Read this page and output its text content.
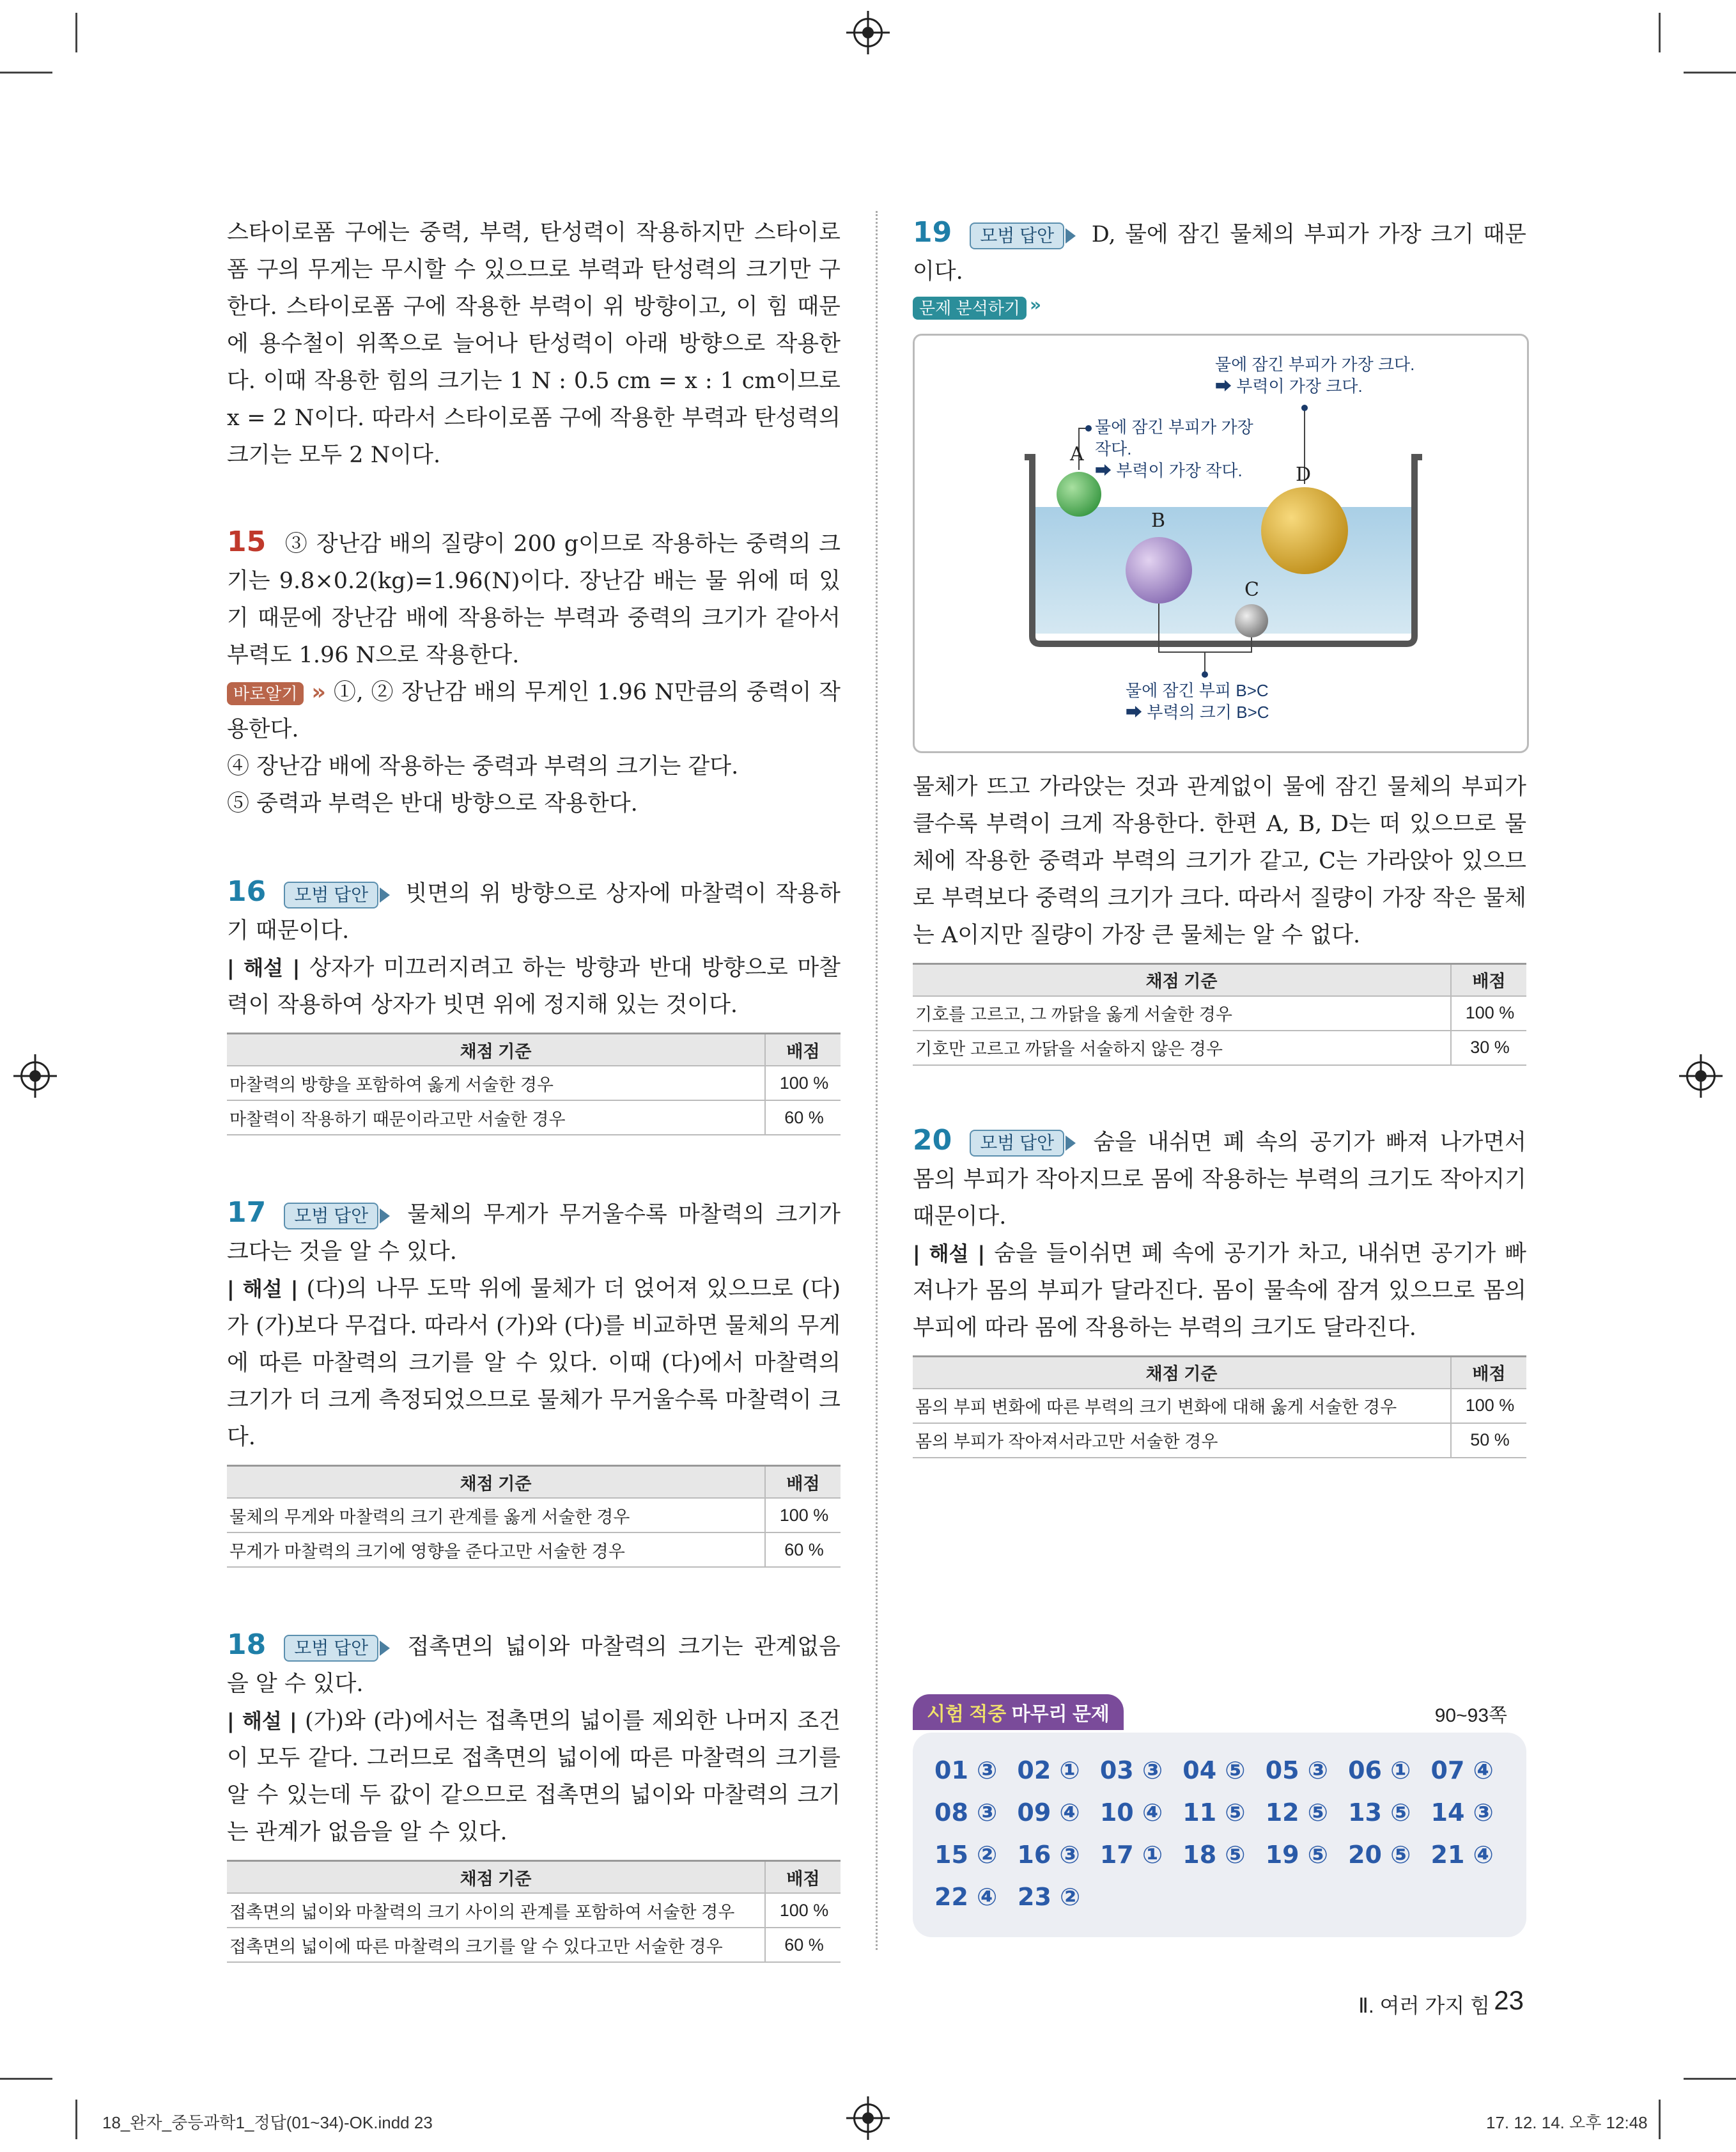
스타이로폼 구에는 중력, 부력, 탄성력이 작용하지만 스타이로폼 구의 무게는 무시할 수 있으므로 부력과 탄성력의 크기만 구한다. 스타이로폼 구에 작용한 부력이 위 방향이고, 이 힘 때문에 용수철이 위쪽으로 늘어나 탄성력이 아래 방향으로 작용한다. 이때 작용한 힘의 크기는 1 N : 0.5 cm = x : 1 cm이므로 x = 2 N이다. 따라서 스타이로폼 구에 작용한 부력과 탄성력의 크기는 모두 2 N이다.

15 ③ 장난감 배의 질량이 200 g이므로 작용하는 중력의 크기는 9.8×0.2(kg)=1.96(N)이다. 장난감 배는 물 위에 떠 있기 때문에 장난감 배에 작용하는 부력과 중력의 크기가 같아서 부력도 1.96 N으로 작용한다.

바로알기 » ①, ② 장난감 배의 무게인 1.96 N만큼의 중력이 작용한다.

④ 장난감 배에 작용하는 중력과 부력의 크기는 같다.

⑤ 중력과 부력은 반대 방향으로 작용한다.

16 모범 답안 빗면의 위 방향으로 상자에 마찰력이 작용하기 때문이다.

| 해설 | 상자가 미끄러지려고 하는 방향과 반대 방향으로 마찰력이 작용하여 상자가 빗면 위에 정지해 있는 것이다.

채점 기준	배점
마찰력의 방향을 포함하여 옳게 서술한 경우	100 %
마찰력이 작용하기 때문이라고만 서술한 경우	60 %

17 모범 답안 물체의 무게가 무거울수록 마찰력의 크기가 크다는 것을 알 수 있다.

| 해설 | (다)의 나무 도막 위에 물체가 더 얹어져 있으므로 (다)가 (가)보다 무겁다. 따라서 (가)와 (다)를 비교하면 물체의 무게에 따른 마찰력의 크기를 알 수 있다. 이때 (다)에서 마찰력의 크기가 더 크게 측정되었으므로 물체가 무거울수록 마찰력이 크다.

채점 기준	배점
물체의 무게와 마찰력의 크기 관계를 옳게 서술한 경우	100 %
무게가 마찰력의 크기에 영향을 준다고만 서술한 경우	60 %

18 모범 답안 접촉면의 넓이와 마찰력의 크기는 관계없음을 알 수 있다.

| 해설 | (가)와 (라)에서는 접촉면의 넓이를 제외한 나머지 조건이 모두 같다. 그러므로 접촉면의 넓이에 따른 마찰력의 크기를 알 수 있는데 두 값이 같으므로 접촉면의 넓이와 마찰력의 크기는 관계가 없음을 알 수 있다.

채점 기준	배점
접촉면의 넓이와 마찰력의 크기 사이의 관계를 포함하여 서술한 경우	100 %
접촉면의 넓이에 따른 마찰력의 크기를 알 수 있다고만 서술한 경우	60 %

19 모범 답안 D, 물에 잠긴 물체의 부피가 가장 크기 때문이다.

문제 분석하기 »
물에 잠긴 부피가 가장 크다.
➡ 부력이 가장 크다.
물에 잠긴 부피가 가장
작다.
➡ 부력이 가장 작다.
물에 잠긴 부피 B>C
➡ 부력의 크기 B>C
A
B
C
D

물체가 뜨고 가라앉는 것과 관계없이 물에 잠긴 물체의 부피가 클수록 부력이 크게 작용한다. 한편 A, B, D는 떠 있으므로 물체에 작용한 중력과 부력의 크기가 같고, C는 가라앉아 있으므로 부력보다 중력의 크기가 크다. 따라서 질량이 가장 작은 물체는 A이지만 질량이 가장 큰 물체는 알 수 없다.

채점 기준	배점
기호를 고르고, 그 까닭을 옳게 서술한 경우	100 %
기호만 고르고 까닭을 서술하지 않은 경우	30 %

20 모범 답안 숨을 내쉬면 폐 속의 공기가 빠져 나가면서 몸의 부피가 작아지므로 몸에 작용하는 부력의 크기도 작아지기 때문이다.

| 해설 | 숨을 들이쉬면 폐 속에 공기가 차고, 내쉬면 공기가 빠져나가 몸의 부피가 달라진다. 몸이 물속에 잠겨 있으므로 몸의 부피에 따라 몸에 작용하는 부력의 크기도 달라진다.

채점 기준	배점
몸의 부피 변화에 따른 부력의 크기 변화에 대해 옳게 서술한 경우	100 %
몸의 부피가 작아져서라고만 서술한 경우	50 %
시험 적중 마무리 문제	90~93쪽
01 ③ 02 ① 03 ③ 04 ⑤ 05 ③ 06 ① 07 ④
08 ③ 09 ④ 10 ④ 11 ⑤ 12 ⑤ 13 ⑤ 14 ③
15 ② 16 ③ 17 ① 18 ⑤ 19 ⑤ 20 ⑤ 21 ④
22 ④ 23 ②
Ⅱ. 여러 가지 힘 23
18_완자_중등과학1_정답(01~34)-OK.indd 23	17. 12. 14. 오후 12:48
